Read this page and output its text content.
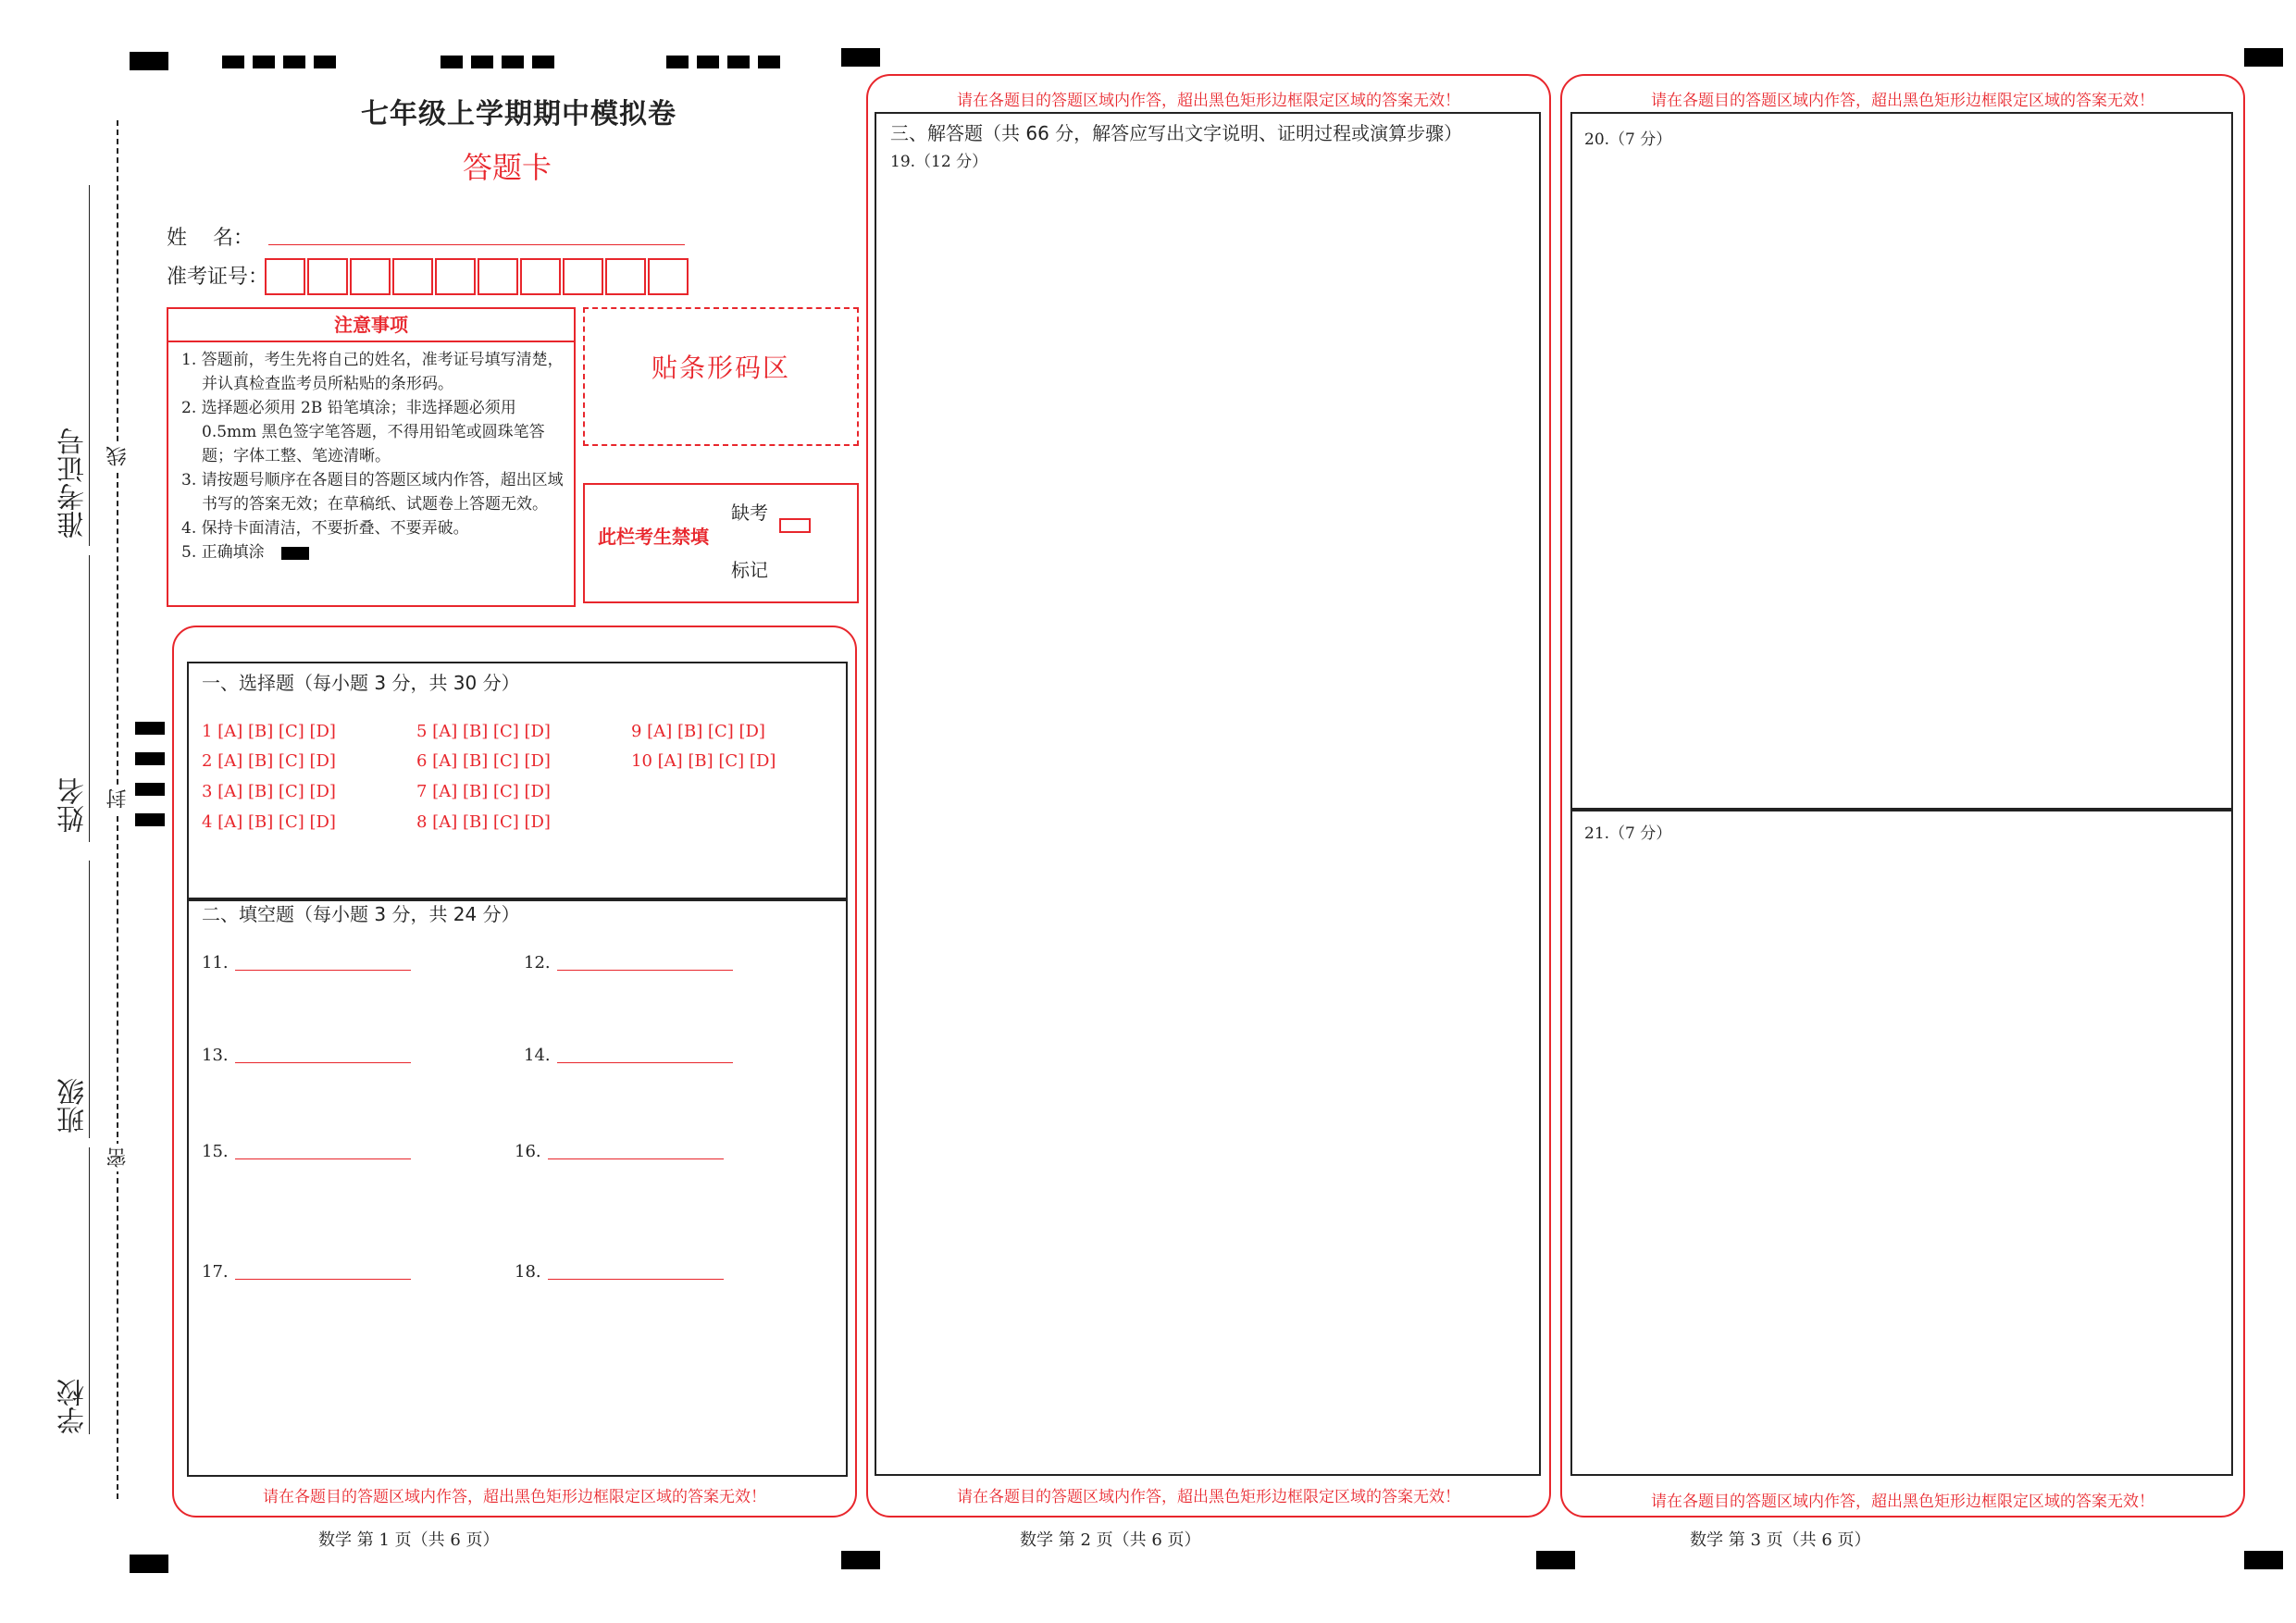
准考证号
姓名
班级
学校
线
封
密
七年级上学期期中模拟卷
答题卡
姓    名：
准考证号：
注意事项

1. 答题前，考生先将自己的姓名，准考证号填写清楚，并认真检查监考员所粘贴的条形码。

2. 选择题必须用 2B 铅笔填涂；非选择题必须用 0.5mm 黑色签字笔答题，不得用铅笔或圆珠笔答题；字体工整、笔迹清晰。

3. 请按题号顺序在各题目的答题区域内作答，超出区域书写的答案无效；在草稿纸、试题卷上答题无效。

4. 保持卡面清洁，不要折叠、不要弄破。

5. 正确填涂

贴条形码区
此栏考生禁填
缺考
标记
一、选择题（每小题 3 分，共 30 分）
1 [A] [B] [C] [D]
2 [A] [B] [C] [D]
3 [A] [B] [C] [D]
4 [A] [B] [C] [D]
5 [A] [B] [C] [D]
6 [A] [B] [C] [D]
7 [A] [B] [C] [D]
8 [A] [B] [C] [D]
9 [A] [B] [C] [D]
10 [A] [B] [C] [D]
二、填空题（每小题 3 分，共 24 分）
11.	12.
13.	14.
15.	16.
17.	18.
请在各题目的答题区域内作答，超出黑色矩形边框限定区域的答案无效！
数学 第 1 页（共 6 页）
请在各题目的答题区域内作答，超出黑色矩形边框限定区域的答案无效！
三、解答题（共 66 分，解答应写出文字说明、证明过程或演算步骤）
19.（12 分）
请在各题目的答题区域内作答，超出黑色矩形边框限定区域的答案无效！
数学 第 2 页（共 6 页）
请在各题目的答题区域内作答，超出黑色矩形边框限定区域的答案无效！
20.（7 分）
21.（7 分）
请在各题目的答题区域内作答，超出黑色矩形边框限定区域的答案无效！
数学 第 3 页（共 6 页）
